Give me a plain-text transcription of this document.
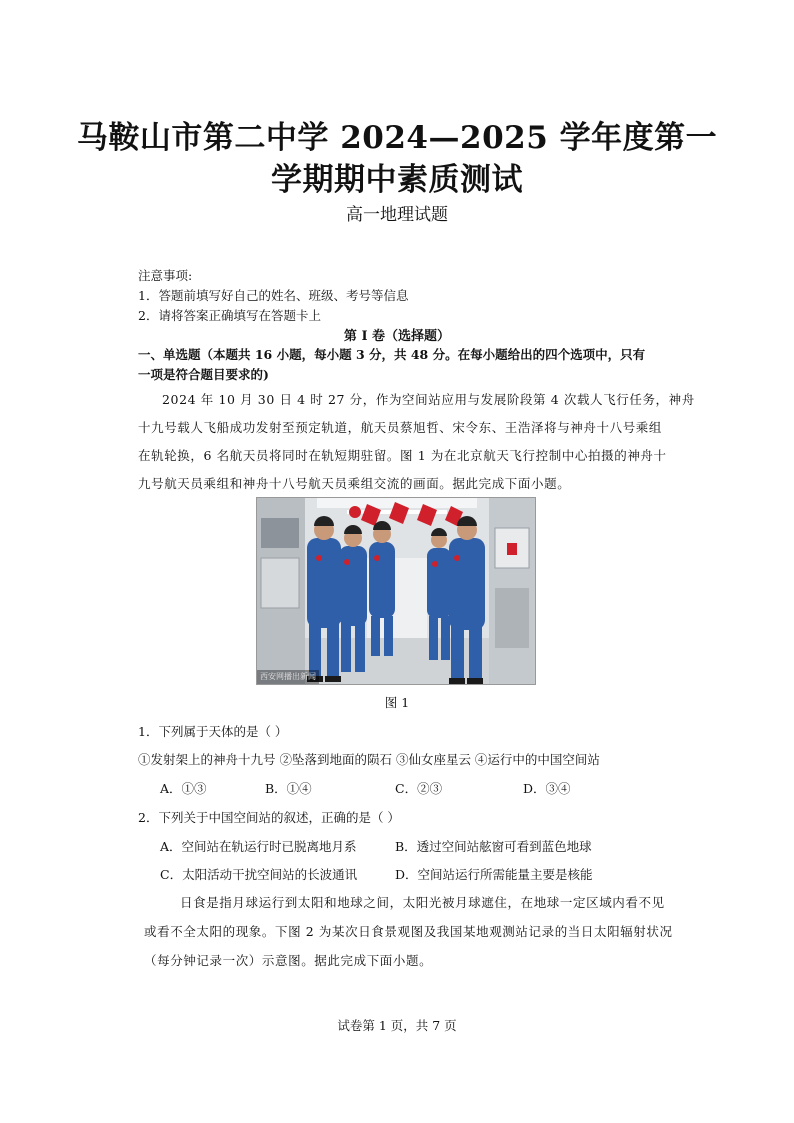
马鞍山市第二中学 2024—2025 学年度第一
学期期中素质测试
高一地理试题
注意事项:
1．答题前填写好自己的姓名、班级、考号等信息
2．请将答案正确填写在答题卡上
第 I 卷（选择题）
一、单选题（本题共 16 小题，每小题 3 分，共 48 分。在每小题给出的四个选项中，只有
一项是符合题目要求的)
2024 年 10 月 30 日 4 时 27 分，作为空间站应用与发展阶段第 4 次载人飞行任务，神舟
十九号载人飞船成功发射至预定轨道，航天员蔡旭哲、宋令东、王浩泽将与神舟十八号乘组
在轨轮换，6 名航天员将同时在轨短期驻留。图 1 为在北京航天飞行控制中心拍摄的神舟十
九号航天员乘组和神舟十八号航天员乘组交流的画面。据此完成下面小题。
西安网播出新闻
图 1
1．下列属于天体的是（ ）
①发射架上的神舟十九号 ②坠落到地面的陨石 ③仙女座星云 ④运行中的中国空间站
A．①③	B．①④	C．②③	D．③④
2．下列关于中国空间站的叙述，正确的是（ ）
A．空间站在轨运行时已脱离地月系	B．透过空间站舷窗可看到蓝色地球
C．太阳活动干扰空间站的长波通讯	D．空间站运行所需能量主要是核能
日食是指月球运行到太阳和地球之间，太阳光被月球遮住，在地球一定区域内看不见
或看不全太阳的现象。下图 2 为某次日食景观图及我国某地观测站记录的当日太阳辐射状况
（每分钟记录一次）示意图。据此完成下面小题。
试卷第 1 页，共 7 页
